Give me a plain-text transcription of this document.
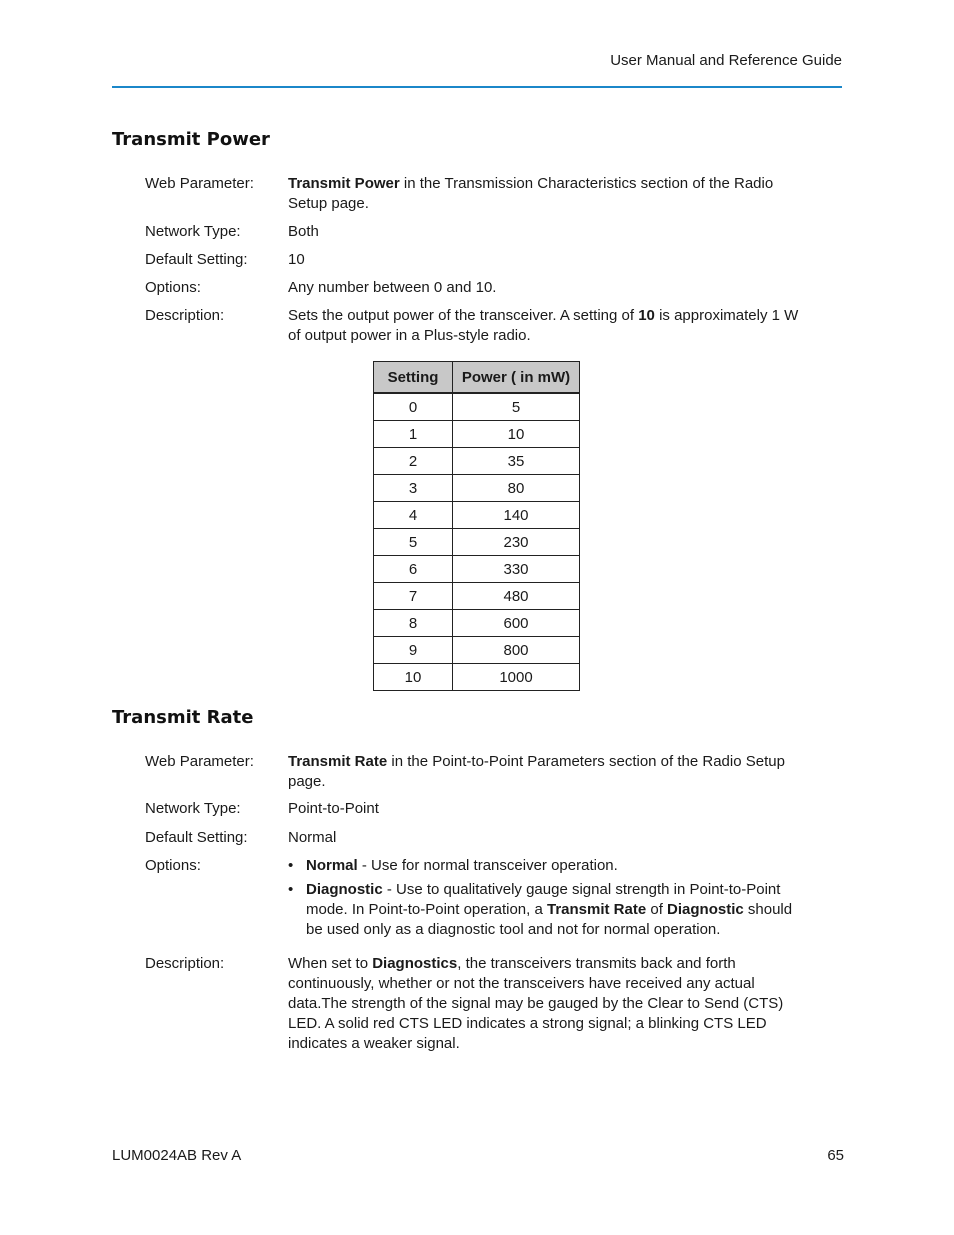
User Manual and Reference Guide
Transmit Power
Web Parameter: Transmit Power in the Transmission Characteristics section of the Radio Setup page.
Network Type:	Both
Default Setting:	10
Options:	Any number between 0 and 10.
Description:	Sets the output power of the transceiver. A setting of 10 is approximately 1 W of output power in a Plus-style radio.
Setting	Power ( in mW)
0	5
1	10
2	35
3	80
4	140
5	230
6	330
7	480
8	600
9	800
10	1000
Transmit Rate
Web Parameter: Transmit Rate in the Point-to-Point Parameters section of the Radio Setup page.
Network Type:	Point-to-Point
Default Setting:	Normal
Options:	• Normal - Use for normal transceiver operation.
• Diagnostic - Use to qualitatively gauge signal strength in Point-to-Point mode. In Point-to-Point operation, a Transmit Rate of Diagnostic should be used only as a diagnostic tool and not for normal operation.
Description:	When set to Diagnostics, the transceivers transmits back and forth continuously, whether or not the transceivers have received any actual data.The strength of the signal may be gauged by the Clear to Send (CTS) LED. A solid red CTS LED indicates a strong signal; a blinking CTS LED indicates a weaker signal.
LUM0024AB Rev A	65
